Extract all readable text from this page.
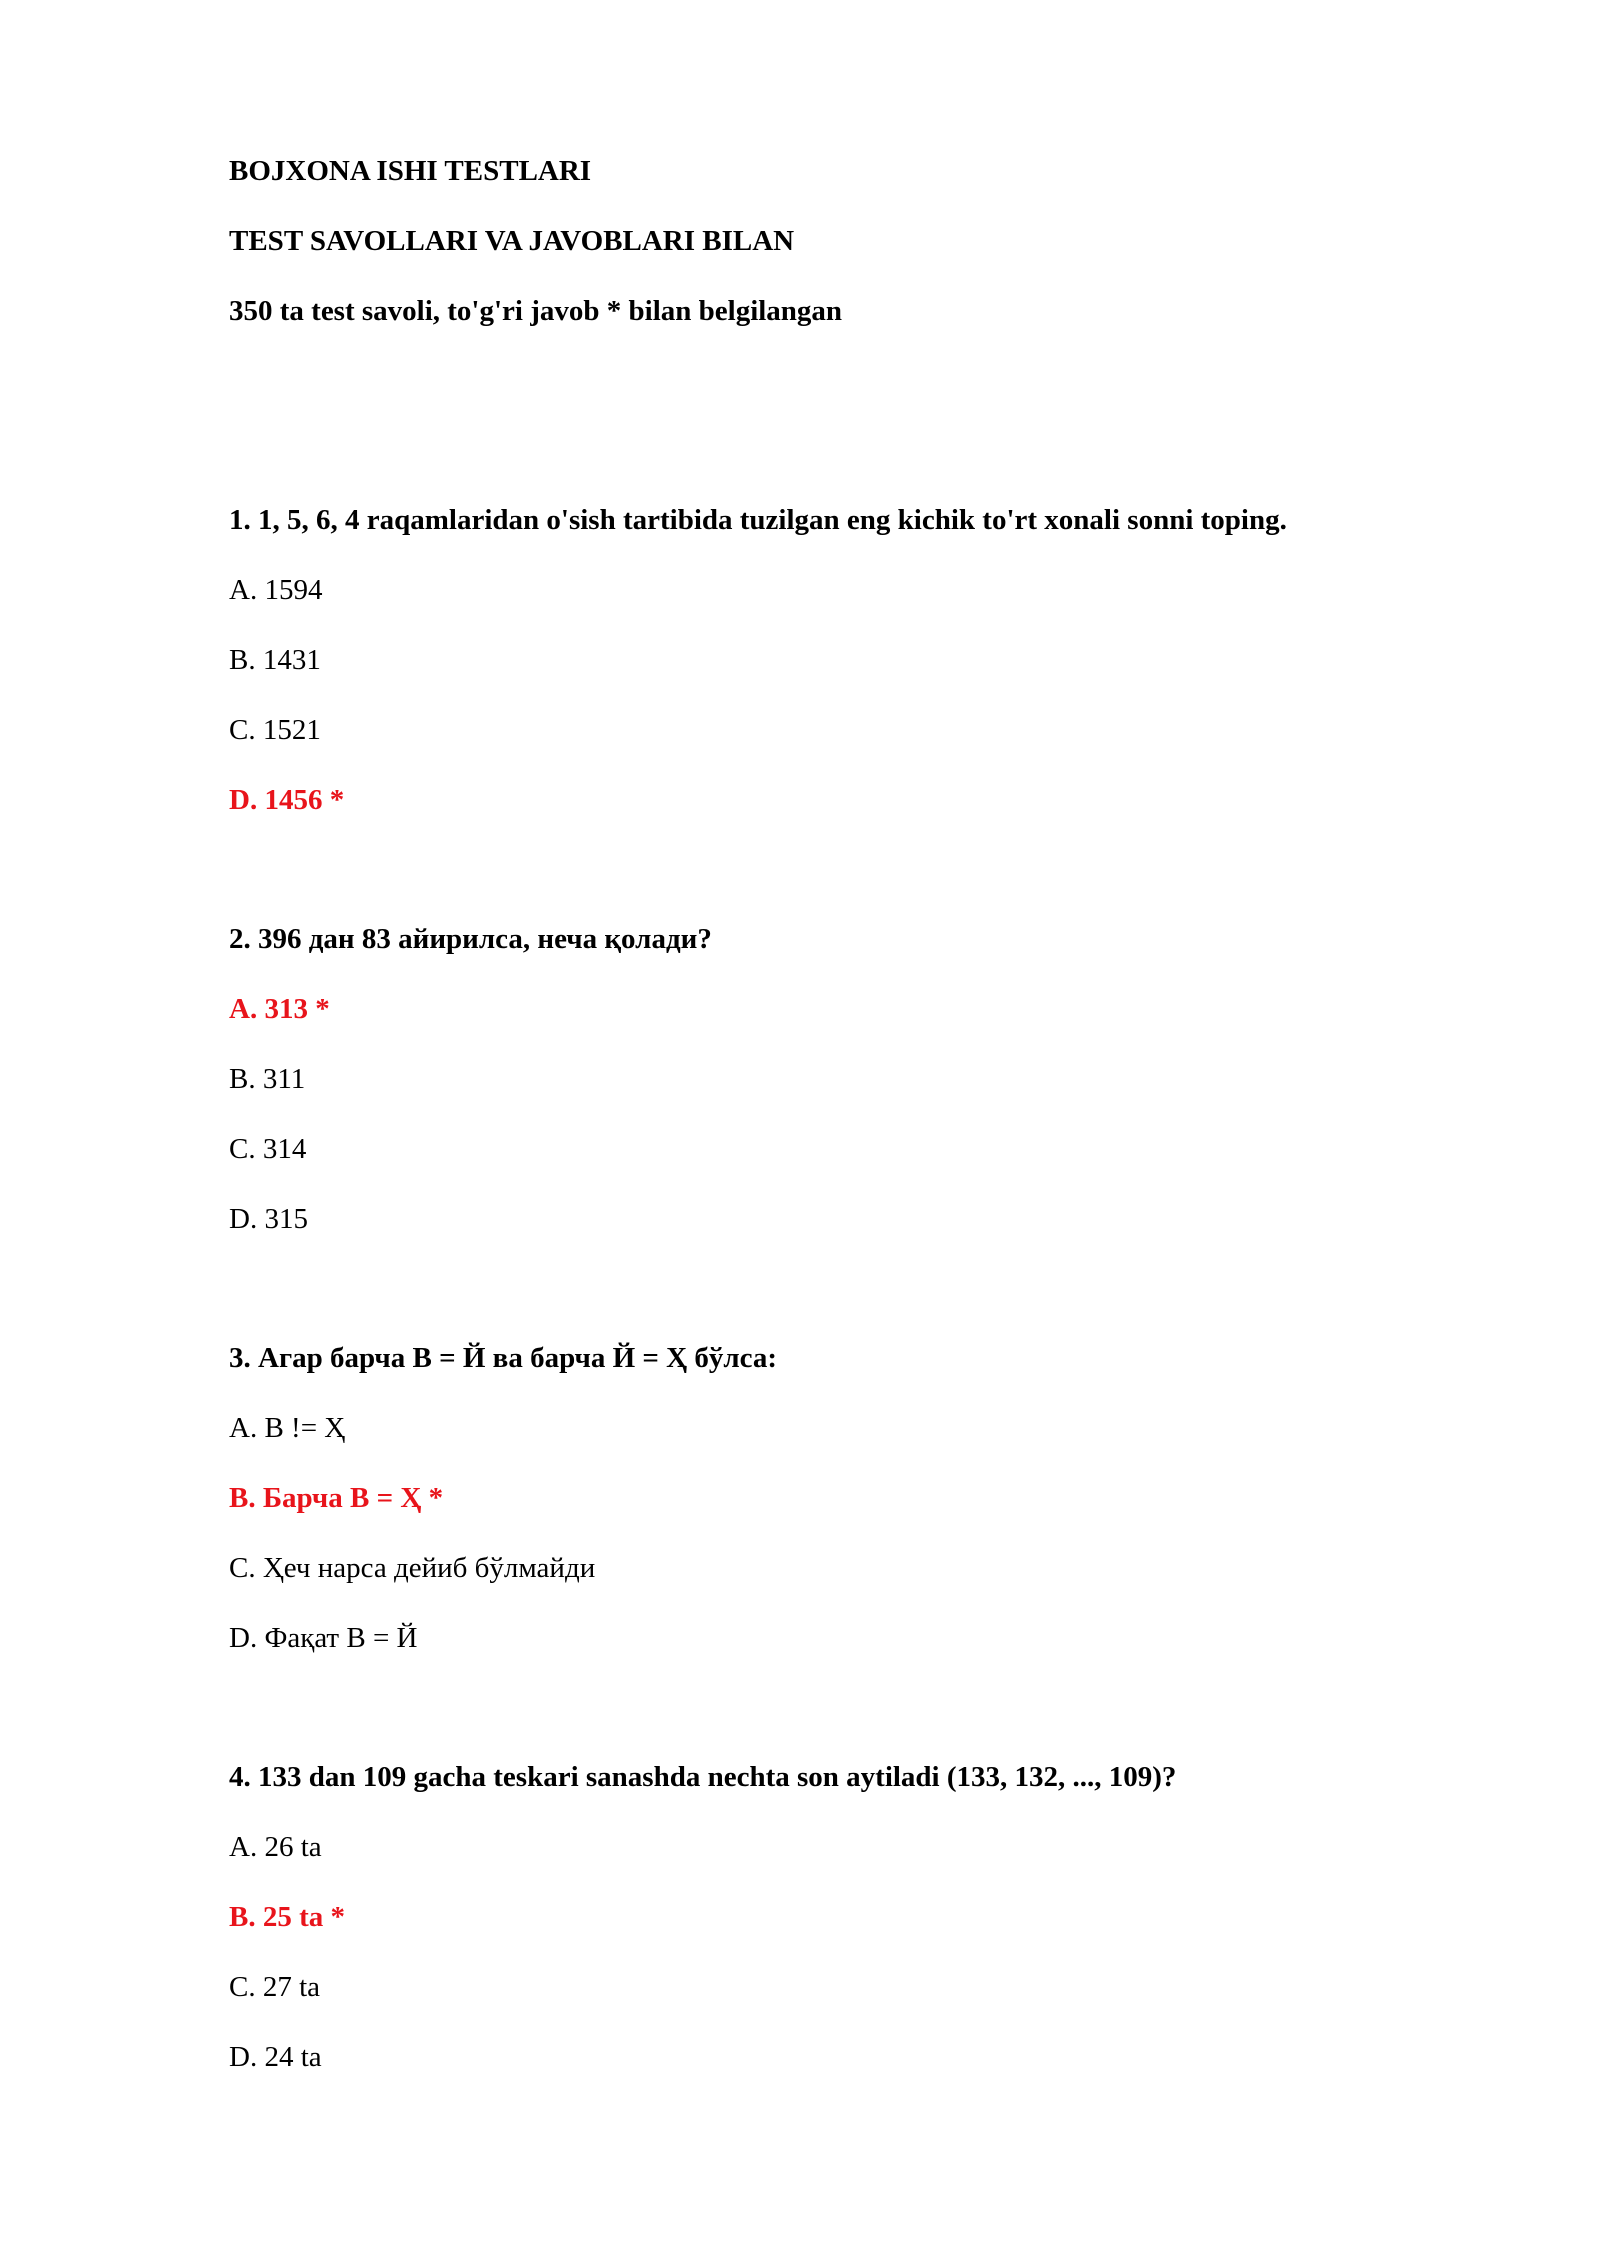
BOJXONA ISHI TESTLARI

TEST SAVOLLARI VA JAVOBLARI BILAN

350 ta test savoli, to'g'ri javob * bilan belgilangan

1. 1, 5, 6, 4 raqamlaridan o'sish tartibida tuzilgan eng kichik to'rt xonali sonni toping.

A. 1594

B. 1431

C. 1521

D. 1456 *

2. 396 дан 83 айирилса, неча қолади?

A. 313 *

B. 311

C. 314

D. 315

3. Агар барча В = Й ва барча Й = Ҳ бўлса:

A. В != Ҳ

B. Барча В = Ҳ *

C. Ҳеч нарса дейиб бўлмайди

D. Фақат В = Й

4. 133 dan 109 gacha teskari sanashda nechta son aytiladi (133, 132, ..., 109)?

A. 26 ta

B. 25 ta *

C. 27 ta

D. 24 ta
